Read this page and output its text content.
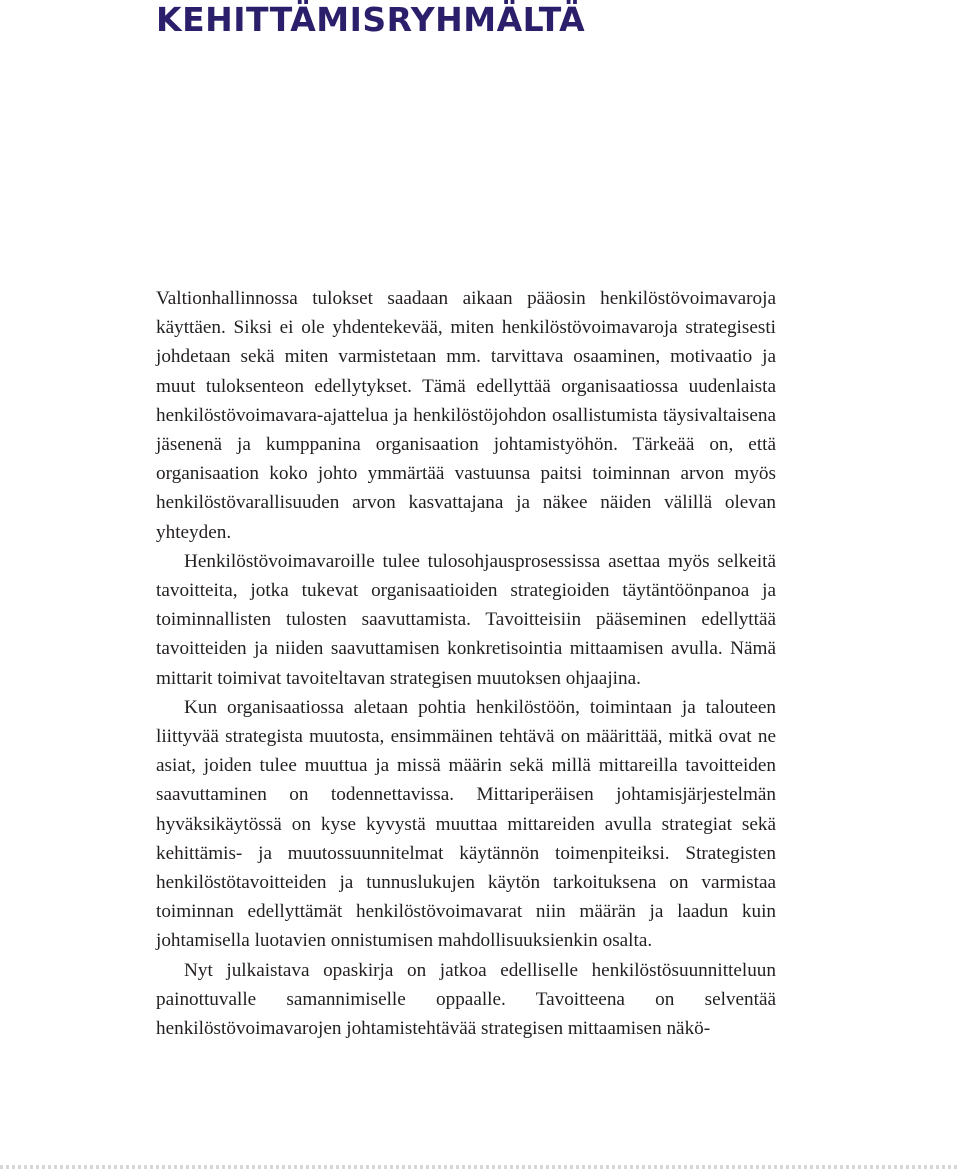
KEHITTÄMISRYHMÄLTÄ

Valtionhallinnossa tulokset saadaan aikaan pääosin henkilöstövoimavaroja käyttäen. Siksi ei ole yhdentekevää, miten henkilöstövoimavaroja strategisesti johdetaan sekä miten varmistetaan mm. tarvittava osaaminen, motivaatio ja muut tuloksenteon edellytykset. Tämä edellyttää organisaatiossa uudenlaista henkilöstövoimavara-ajattelua ja henkilöstöjohdon osallistumista täysivaltaisena jäsenenä ja kumppanina organisaation johtamistyöhön. Tärkeää on, että organisaation koko johto ymmärtää vastuunsa paitsi toiminnan arvon myös henkilöstövarallisuuden arvon kasvattajana ja näkee näiden välillä olevan yhteyden.

Henkilöstövoimavaroille tulee tulosohjausprosessissa asettaa myös selkeitä tavoitteita, jotka tukevat organisaatioiden strategioiden täytäntöönpanoa ja toiminnallisten tulosten saavuttamista. Tavoitteisiin pääseminen edellyttää tavoitteiden ja niiden saavuttamisen konkretisointia mittaamisen avulla. Nämä mittarit toimivat tavoiteltavan strategisen muutoksen ohjaajina.

Kun organisaatiossa aletaan pohtia henkilöstöön, toimintaan ja talouteen liittyvää strategista muutosta, ensimmäinen tehtävä on määrittää, mitkä ovat ne asiat, joiden tulee muuttua ja missä määrin sekä millä mittareilla tavoitteiden saavuttaminen on todennettavissa. Mittariperäisen johtamisjärjestelmän hyväksikäytössä on kyse kyvystä muuttaa mittareiden avulla strategiat sekä kehittämis- ja muutossuunnitelmat käytännön toimenpiteiksi. Strategisten henkilöstötavoitteiden ja tunnuslukujen käytön tarkoituksena on varmistaa toiminnan edellyttämät henkilöstövoimavarat niin määrän ja laadun kuin johtamisella luotavien onnistumisen mahdollisuuksienkin osalta.

Nyt julkaistava opaskirja on jatkoa edelliselle henkilöstösuunnitteluun painottuvalle samannimiselle oppaalle. Tavoitteena on selventää henkilöstövoimavarojen johtamistehtävää strategisen mittaamisen näkö-
